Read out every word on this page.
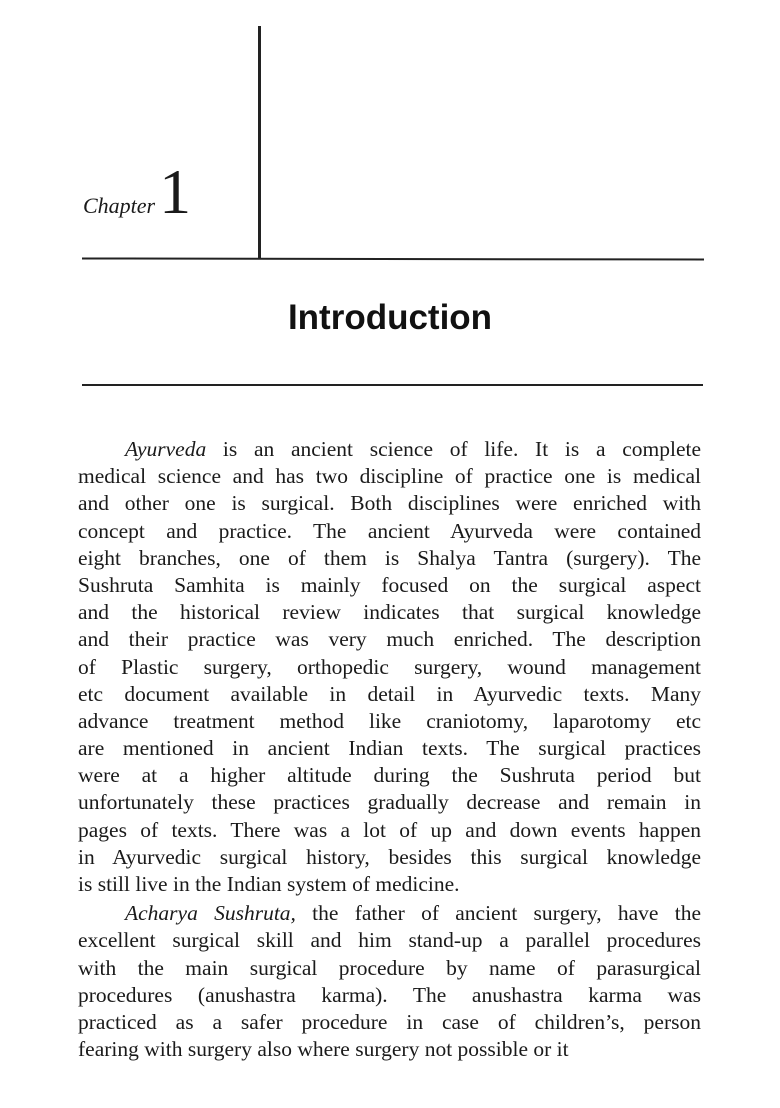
Chapter1
Introduction
Ayurveda is an ancient science of life. It is a complete
medical science and has two discipline of practice one is medical
and other one is surgical. Both disciplines were enriched with
concept and practice. The ancient Ayurveda were contained
eight branches, one of them is Shalya Tantra (surgery). The
Sushruta Samhita is mainly focused on the surgical aspect
and the historical review indicates that surgical knowledge
and their practice was very much enriched. The description
of Plastic surgery, orthopedic surgery, wound management
etc document available in detail in Ayurvedic texts. Many
advance treatment method like craniotomy, laparotomy etc
are mentioned in ancient Indian texts. The surgical practices
were at a higher altitude during the Sushruta period but
unfortunately these practices gradually decrease and remain in
pages of texts. There was a lot of up and down events happen
in Ayurvedic surgical history, besides this surgical knowledge
is still live in the Indian system of medicine.
Acharya Sushruta, the father of ancient surgery, have the
excellent surgical skill and him stand-up a parallel procedures
with the main surgical procedure by name of parasurgical
procedures (anushastra karma). The anushastra karma was
practiced as a safer procedure in case of children’s, person
fearing with surgery also where surgery not possible or it
